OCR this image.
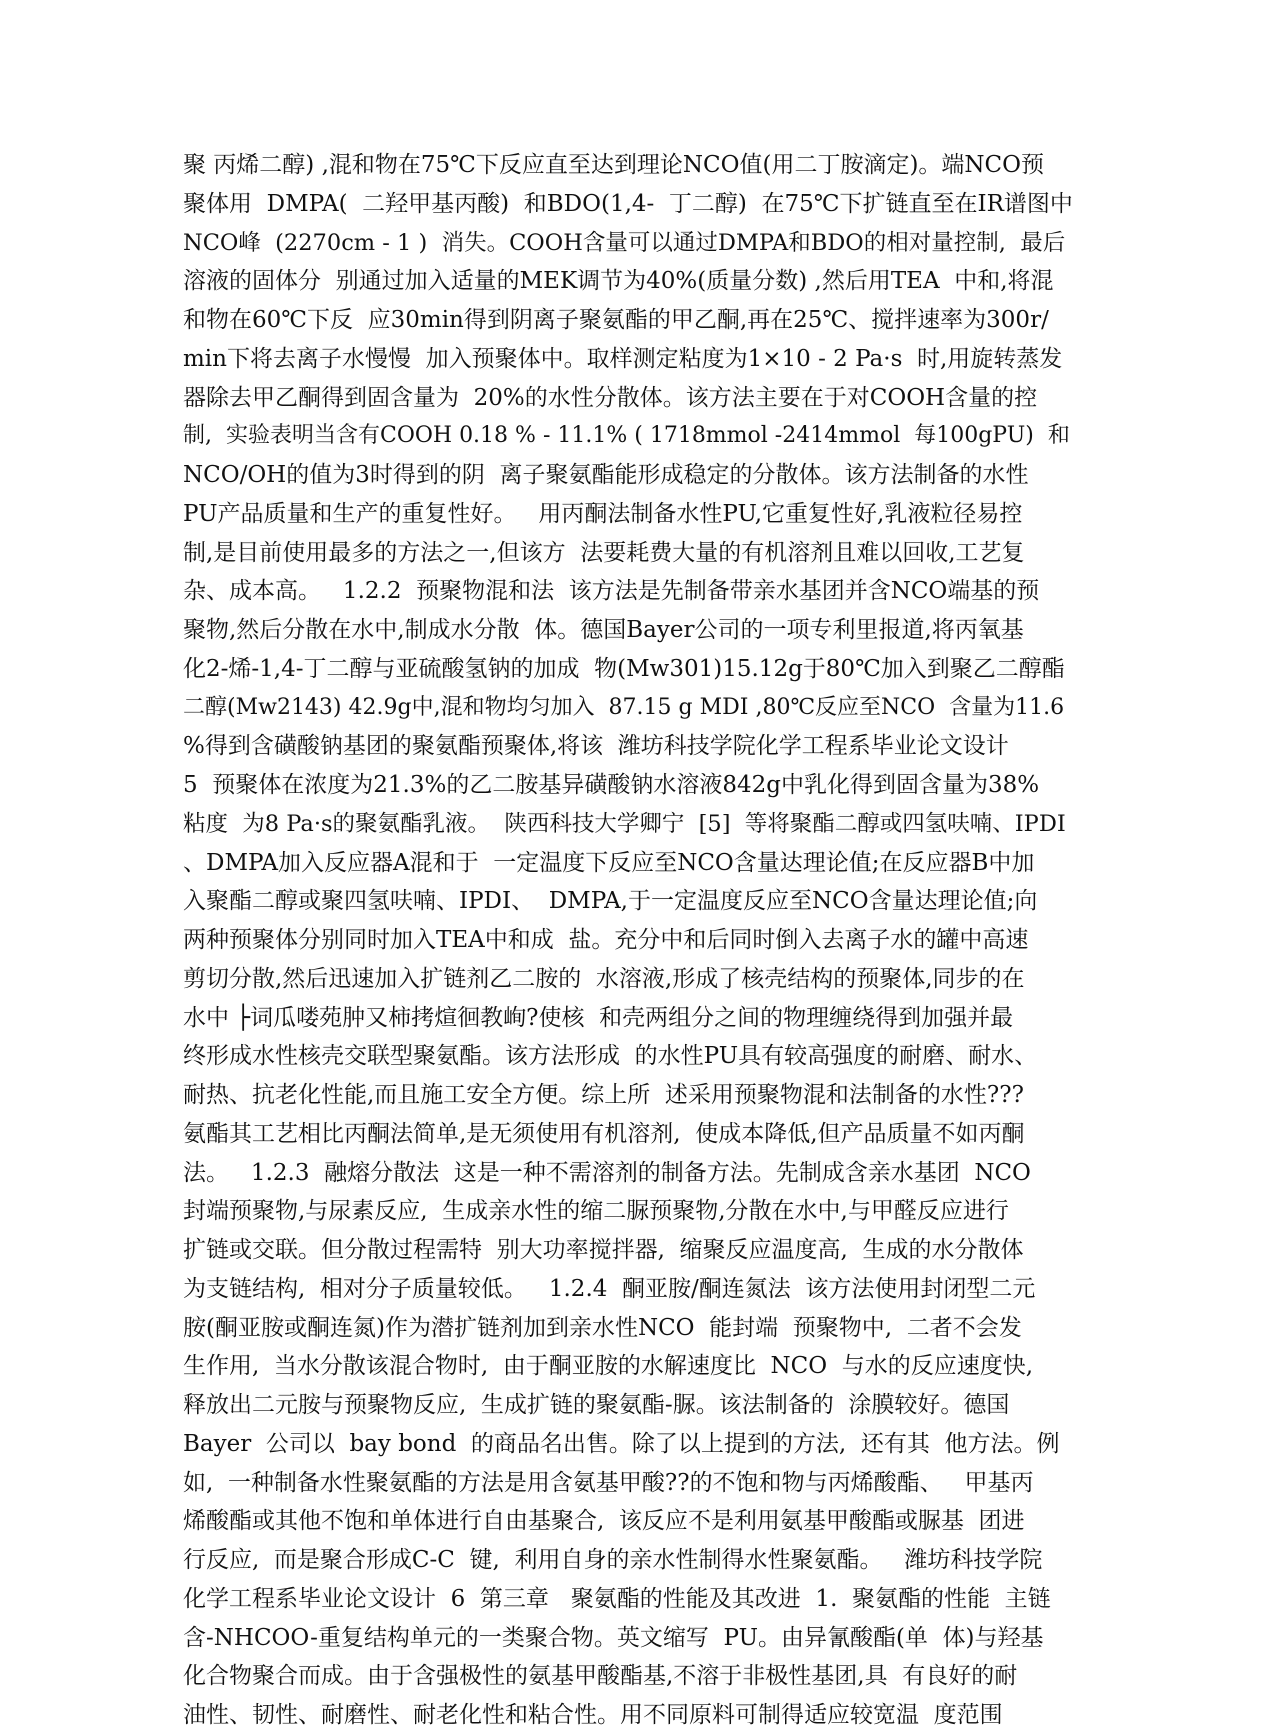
聚 丙烯二醇) ,混和物在75℃下反应直至达到理论NCO值(用二丁胺滴定)。端NCO预
聚体用  DMPA(  二羟甲基丙酸)  和BDO(1,4-  丁二醇)  在75℃下扩链直至在IR谱图中
NCO峰  (2270cm - 1 )  消失。COOH含量可以通过DMPA和BDO的相对量控制,  最后
溶液的固体分  别通过加入适量的MEK调节为40%(质量分数) ,然后用TEA  中和,将混
和物在60℃下反  应30min得到阴离子聚氨酯的甲乙酮,再在25℃、搅拌速率为300r/
min下将去离子水慢慢  加入预聚体中。取样测定粘度为1×10 - 2 Pa·s  时,用旋转蒸发
器除去甲乙酮得到固含量为  20%的水性分散体。该方法主要在于对COOH含量的控
制,  实验表明当含有COOH 0.18 % - 11.1% ( 1718mmol -2414mmol  每100gPU)  和
NCO/OH的值为3时得到的阴  离子聚氨酯能形成稳定的分散体。该方法制备的水性
PU产品质量和生产的重复性好。   用丙酮法制备水性PU,它重复性好,乳液粒径易控
制,是目前使用最多的方法之一,但该方  法要耗费大量的有机溶剂且难以回收,工艺复
杂、成本高。   1.2.2  预聚物混和法  该方法是先制备带亲水基团并含NCO端基的预
聚物,然后分散在水中,制成水分散  体。德国Bayer公司的一项专利里报道,将丙氧基
化2-烯-1,4-丁二醇与亚硫酸氢钠的加成  物(Mw301)15.12g于80℃加入到聚乙二醇酯
二醇(Mw2143) 42.9g中,混和物均匀加入  87.15 g MDI ,80℃反应至NCO  含量为11.6
%得到含磺酸钠基团的聚氨酯预聚体,将该  潍坊科技学院化学工程系毕业论文设计
5  预聚体在浓度为21.3%的乙二胺基异磺酸钠水溶液842g中乳化得到固含量为38%
粘度  为8 Pa·s的聚氨酯乳液。  陕西科技大学卿宁  [5]  等将聚酯二醇或四氢呋喃、IPDI
、DMPA加入反应器A混和于  一定温度下反应至NCO含量达理论值;在反应器B中加
入聚酯二醇或聚四氢呋喃、IPDI、  DMPA,于一定温度反应至NCO含量达理论值;向
两种预聚体分别同时加入TEA中和成  盐。充分中和后同时倒入去离子水的罐中高速
剪切分散,然后迅速加入扩链剂乙二胺的  水溶液,形成了核壳结构的预聚体,同步的在
水中 ├词瓜喽苑肿又柿拷煊徊教峋?使核  和壳两组分之间的物理缠绕得到加强并最
终形成水性核壳交联型聚氨酯。该方法形成  的水性PU具有较高强度的耐磨、耐水、
耐热、抗老化性能,而且施工安全方便。综上所  述采用预聚物混和法制备的水性???
氨酯其工艺相比丙酮法简单,是无须使用有机溶剂,  使成本降低,但产品质量不如丙酮
法。   1.2.3  融熔分散法  这是一种不需溶剂的制备方法。先制成含亲水基团  NCO
封端预聚物,与尿素反应,  生成亲水性的缩二脲预聚物,分散在水中,与甲醛反应进行
扩链或交联。但分散过程需特  别大功率搅拌器,  缩聚反应温度高,  生成的水分散体
为支链结构,  相对分子质量较低。   1.2.4  酮亚胺/酮连氮法  该方法使用封闭型二元
胺(酮亚胺或酮连氮)作为潜扩链剂加到亲水性NCO  能封端  预聚物中,  二者不会发
生作用,  当水分散该混合物时,  由于酮亚胺的水解速度比  NCO  与水的反应速度快,
释放出二元胺与预聚物反应,  生成扩链的聚氨酯-脲。该法制备的  涂膜较好。德国
Bayer  公司以  bay bond  的商品名出售。除了以上提到的方法,  还有其  他方法。例
如,  一种制备水性聚氨酯的方法是用含氨基甲酸??的不饱和物与丙烯酸酯、   甲基丙
烯酸酯或其他不饱和单体进行自由基聚合,  该反应不是利用氨基甲酸酯或脲基  团进
行反应,  而是聚合形成C-C  键,  利用自身的亲水性制得水性聚氨酯。   潍坊科技学院
化学工程系毕业论文设计  6  第三章   聚氨酯的性能及其改进  1.  聚氨酯的性能  主链
含-NHCOO-重复结构单元的一类聚合物。英文缩写  PU。由异氰酸酯(单  体)与羟基
化合物聚合而成。由于含强极性的氨基甲酸酯基,不溶于非极性基团,具  有良好的耐
油性、韧性、耐磨性、耐老化性和粘合性。用不同原料可制得适应较宽温  度范围
